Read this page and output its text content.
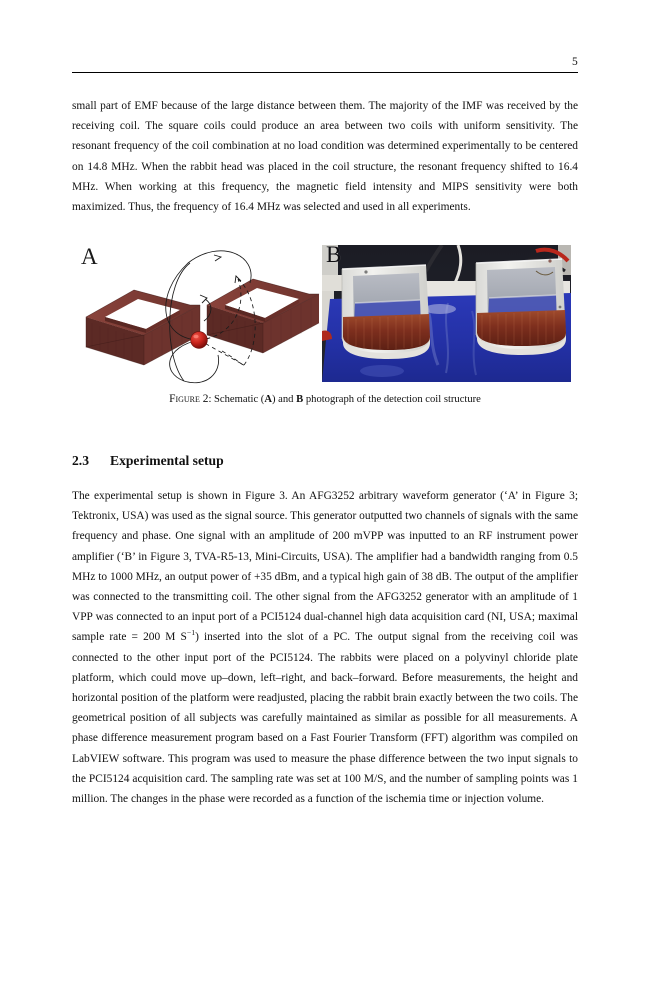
5

small part of EMF because of the large distance between them. The majority of the IMF was received by the receiving coil. The square coils could produce an area between two coils with uniform sensitivity. The resonant frequency of the coil combination at no load condition was determined experimentally to be centered on 14.8 MHz. When the rabbit head was placed in the coil structure, the resonant frequency shifted to 16.4 MHz. When working at this frequency, the magnetic field intensity and MIPS sensitivity were both maximized. Thus, the frequency of 16.4 MHz was selected and used in all experiments.

A	B
Figure 2: Schematic (A) and B photograph of the detection coil structure
2.3 Experimental setup

The experimental setup is shown in Figure 3. An AFG3252 arbitrary waveform generator (‘A’ in Figure 3; Tektronix, USA) was used as the signal source. This generator outputted two channels of signals with the same frequency and phase. One signal with an amplitude of 200 mVPP was inputted to an RF instrument power amplifier (‘B’ in Figure 3, TVA-R5-13, Mini-Circuits, USA). The amplifier had a bandwidth ranging from 0.5 MHz to 1000 MHz, an output power of +35 dBm, and a typical high gain of 38 dB. The output of the amplifier was connected to the transmitting coil. The other signal from the AFG3252 generator with an amplitude of 1 VPP was connected to an input port of a PCI5124 dual-channel high data acquisition card (NI, USA; maximal sample rate = 200 M $S^{-1}$) inserted into the slot of a PC. The output signal from the receiving coil was connected to the other input port of the PCI5124. The rabbits were placed on a polyvinyl chloride plate platform, which could move up–down, left–right, and back–forward. Before measurements, the height and horizontal position of the platform were readjusted, placing the rabbit brain exactly between the two coils. The geometrical position of all subjects was carefully maintained as similar as possible for all measurements. A phase difference measurement program based on a Fast Fourier Transform (FFT) algorithm was compiled on LabVIEW software. This program was used to measure the phase difference between the two input signals to the PCI5124 acquisition card. The sampling rate was set at 100 M/S, and the number of sampling points was 1 million. The changes in the phase were recorded as a function of the ischemia time or injection volume.
